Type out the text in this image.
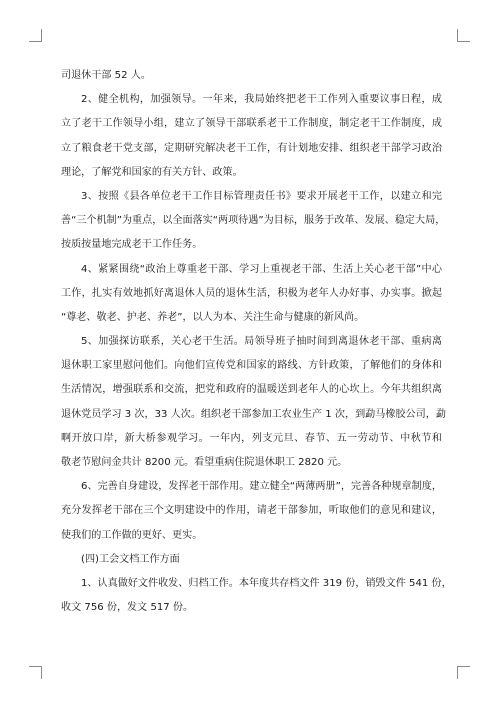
司退休干部 52 人。
2、健全机构，加强领导。一年来，我局始终把老干工作列入重要议事日程，成
立了老干工作领导小组，建立了领导干部联系老干工作制度，制定老干工作制度，成
立了粮食老干党支部，定期研究解决老干工作，有计划地安排、组织老干部学习政治
理论，了解党和国家的有关方针、政策。
3、按照《县各单位老干工作目标管理责任书》要求开展老干工作，以建立和完
善“三个机制”为重点，以全面落实“两项待遇”为目标，服务于改革、发展、稳定大局，
按质按量地完成老干工作任务。
4、紧紧围绕“政治上尊重老干部、学习上重视老干部、生活上关心老干部”中心
工作，扎实有效地抓好离退休人员的退休生活，积极为老年人办好事、办实事。掀起
“尊老、敬老、护老、养老”，以人为本、关注生命与健康的新风尚。
5、加强探访联系，关心老干生活。局领导班子抽时间到离退休老干部、重病离
退休职工家里慰问他们。向他们宣传党和国家的路线、方针政策，了解他们的身体和
生活情况，增强联系和交流，把党和政府的温暖送到老年人的心坎上。今年共组织离
退休党员学习 3 次，33 人次。组织老干部参加工农业生产 1 次，到勐马橡胶公司，勐
啊开放口岸，新大桥参观学习。一年内，列支元旦、春节、五一劳动节、中秋节和
敬老节慰问金共计 8200 元。看望重病住院退休职工 2820 元。
6、完善自身建设，发挥老干部作用。建立健全“两薄两册”，完善各种规章制度，
充分发挥老干部在三个文明建设中的作用，请老干部参加，听取他们的意见和建议，
使我们的工作做的更好、更实。
(四)工会文档工作方面
1、认真做好文件收发、归档工作。本年度共存档文件 319 份，销毁文件 541 份，
收文 756 份，发文 517 份。
